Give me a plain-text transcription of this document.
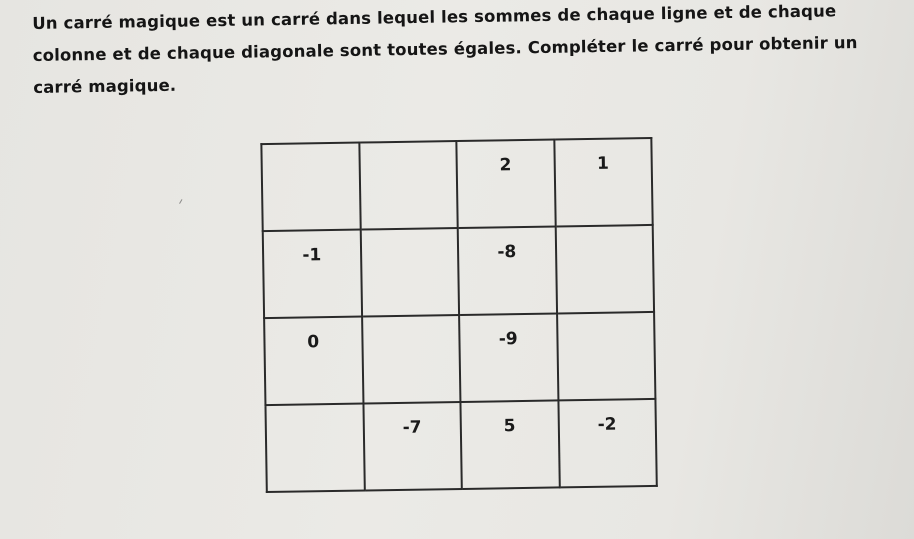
Un carré magique est un carré dans lequel les sommes de chaque ligne et de chaque colonne et de chaque diagonale sont toutes égales. Compléter le carré pour obtenir un carré magique.

		2	1

-1		-8	

0		-9	

	-7	5	-2
